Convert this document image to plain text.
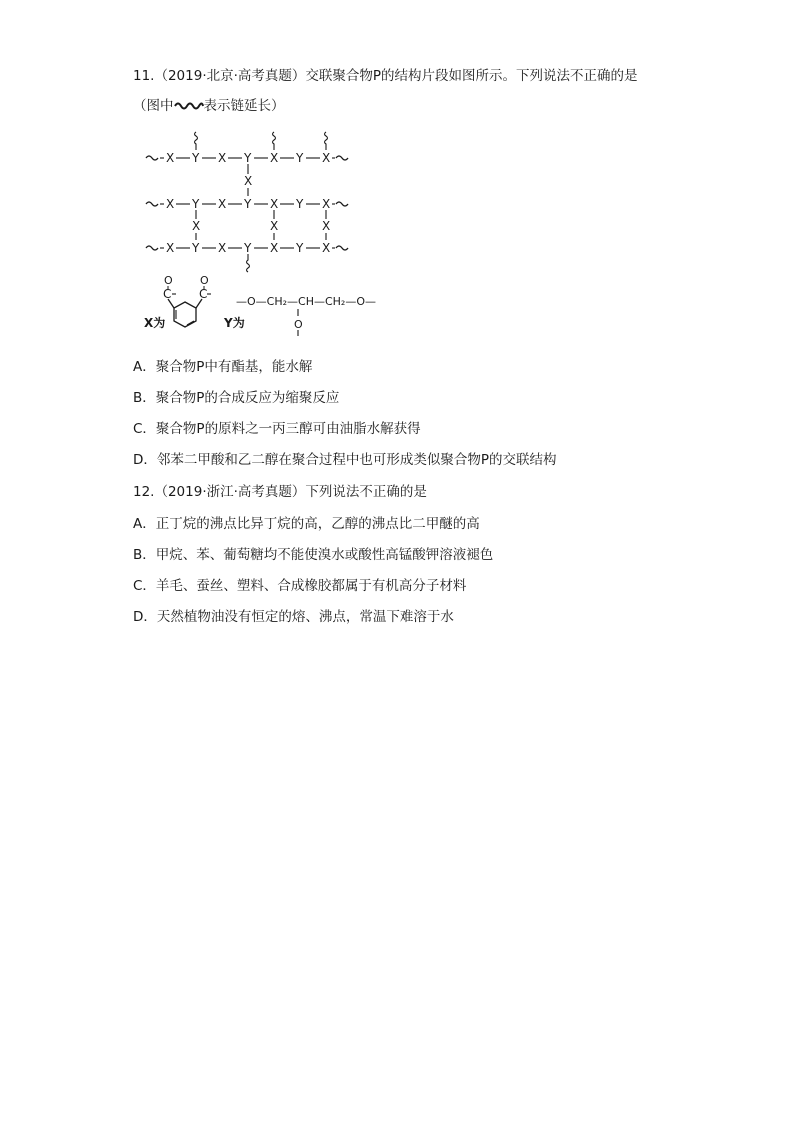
11.（2019·北京·高考真题）交联聚合物P的结构片段如图所示。下列说法不正确的是
（图中 表示链延长）
X Y X Y X Y X
X Y X Y X Y X
X Y X Y X Y X
X
X	X	X
X为
C C
O O
Y为
—O—CH₂—CH—CH₂—O—
O
A．聚合物P中有酯基，能水解
B．聚合物P的合成反应为缩聚反应
C．聚合物P的原料之一丙三醇可由油脂水解获得
D．邻苯二甲酸和乙二醇在聚合过程中也可形成类似聚合物P的交联结构
12.（2019·浙江·高考真题）下列说法不正确的是
A．正丁烷的沸点比异丁烷的高，乙醇的沸点比二甲醚的高
B．甲烷、苯、葡萄糖均不能使溴水或酸性高锰酸钾溶液褪色
C．羊毛、蚕丝、塑料、合成橡胶都属于有机高分子材料
D．天然植物油没有恒定的熔、沸点，常温下难溶于水
